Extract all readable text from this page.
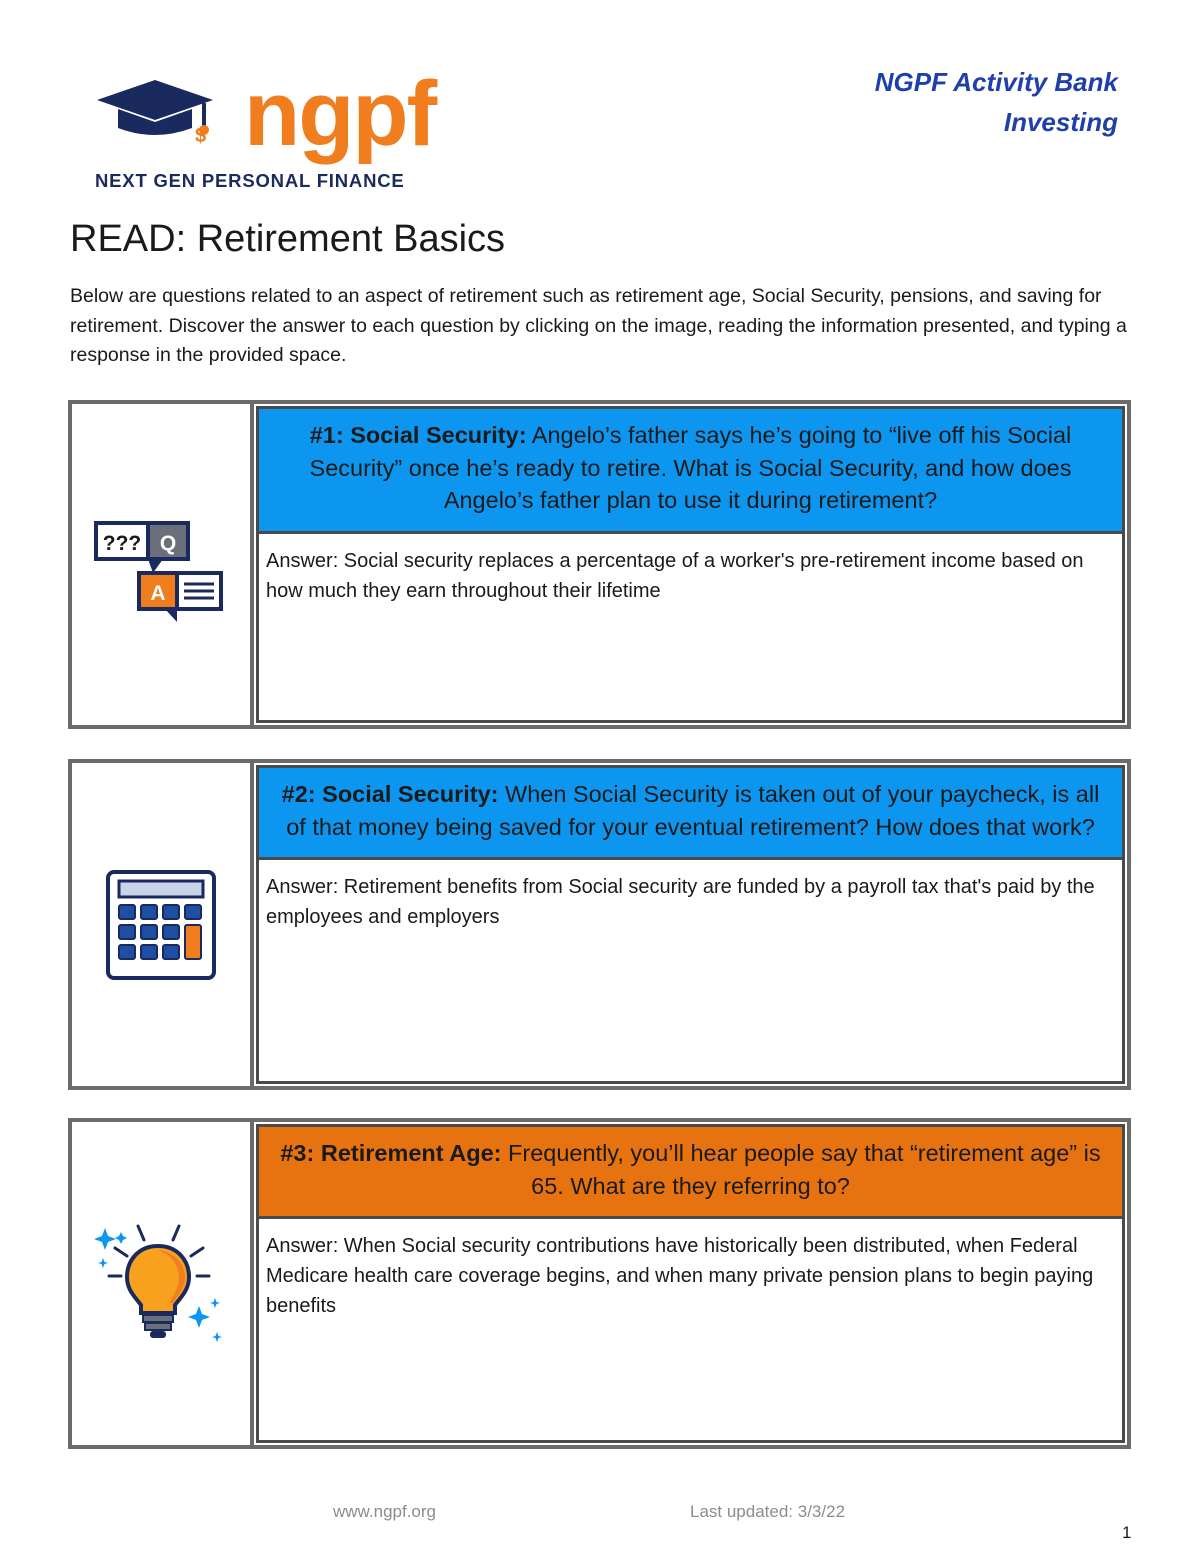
$ ngpf
NEXT GEN PERSONAL FINANCE
NGPF Activity Bank
Investing
READ: Retirement Basics

Below are questions related to an aspect of retirement such as retirement age, Social Security, pensions, and saving for retirement. Discover the answer to each question by clicking on the image, reading the information presented, and typing a response in the provided space.

??? Q
A
#1: Social Security: Angelo’s father says he’s going to “live off his Social Security” once he’s ready to retire. What is Social Security, and how does Angelo’s father plan to use it during retirement?
Answer: Social security replaces a percentage of a worker's pre-retirement income based on how much they earn throughout their lifetime
#2: Social Security: When Social Security is taken out of your paycheck, is all of that money being saved for your eventual retirement? How does that work?
Answer: Retirement benefits from Social security are funded by a payroll tax that's paid by the employees and employers
#3: Retirement Age: Frequently, you’ll hear people say that “retirement age” is 65. What are they referring to?
Answer: When Social security contributions have historically been distributed, when Federal Medicare health care coverage begins, and when many private pension plans to begin paying benefits
www.ngpf.org	Last updated: 3/3/22
1
